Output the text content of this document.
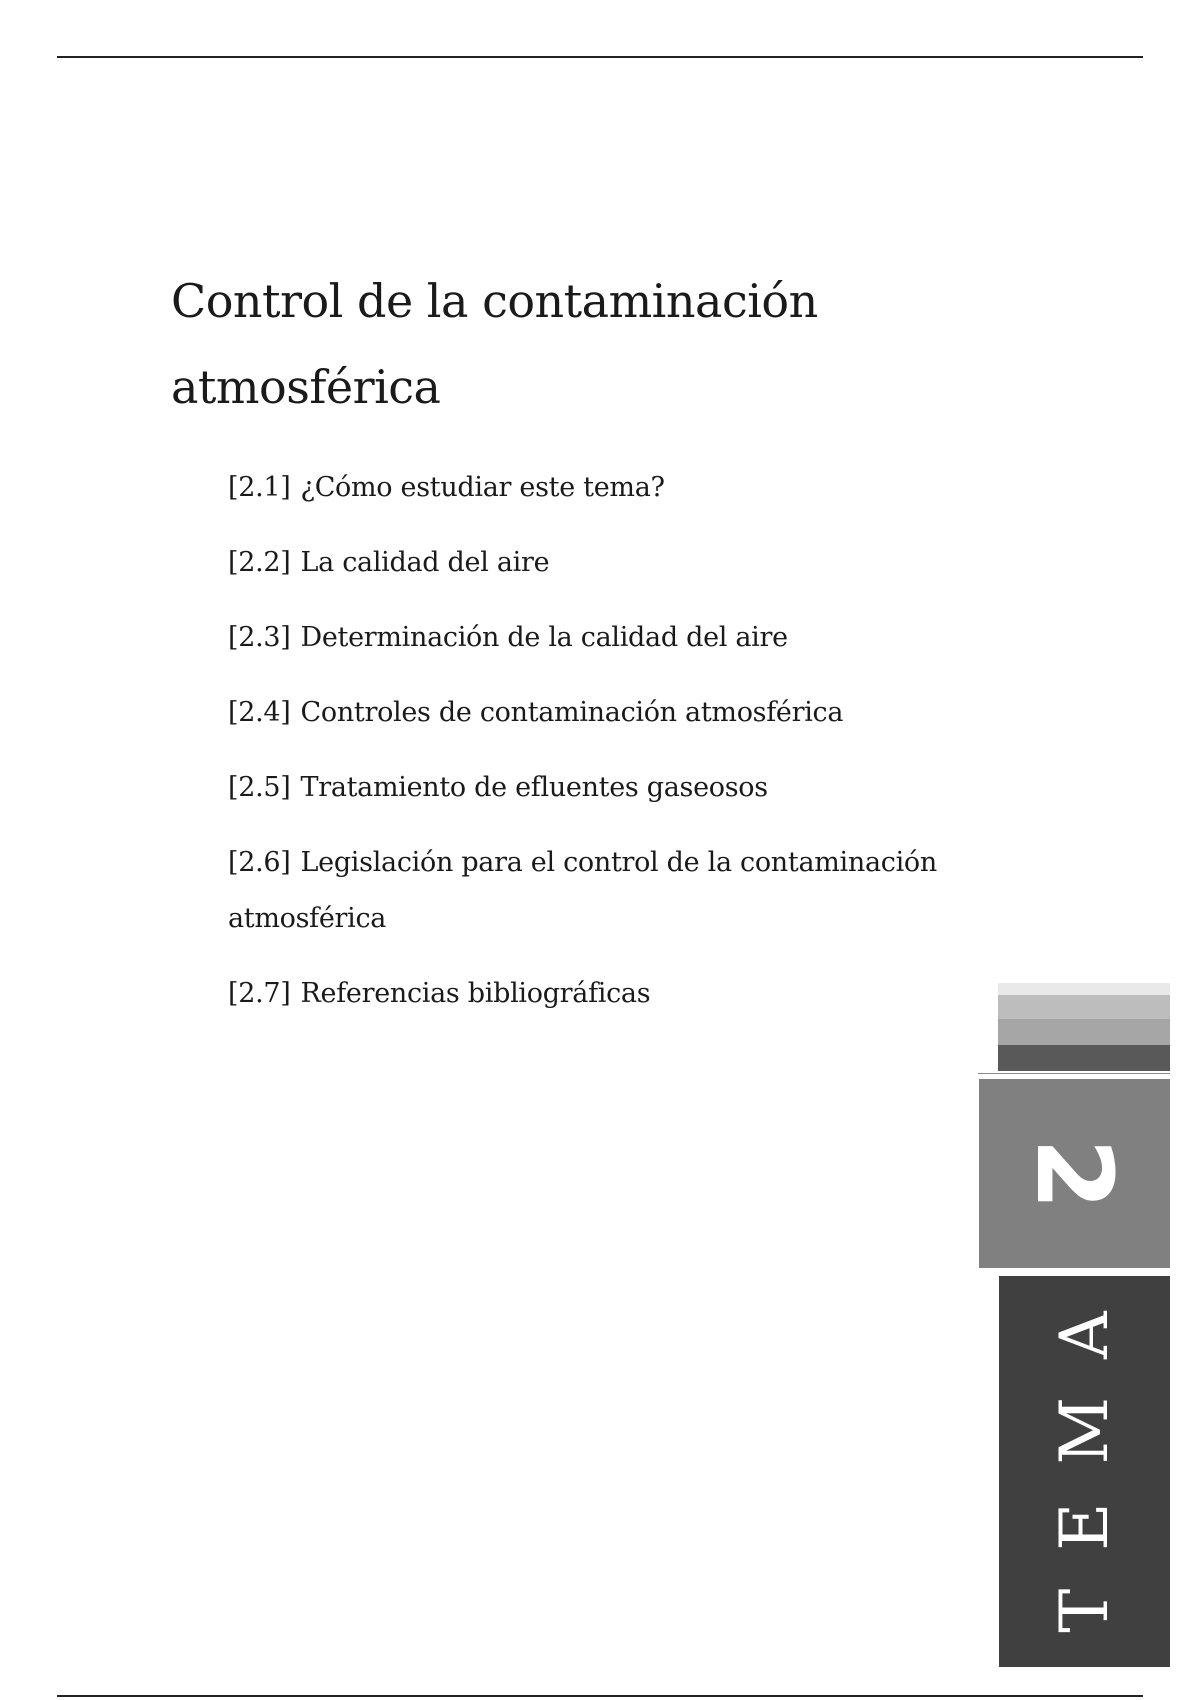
Control de la contaminación
atmosférica
[2.1] ¿Cómo estudiar este tema?
[2.2] La calidad del aire
[2.3] Determinación de la calidad del aire
[2.4] Controles de contaminación atmosférica
[2.5] Tratamiento de efluentes gaseosos
[2.6] Legislación para el control de la contaminación atmosférica
[2.7] Referencias bibliográficas
2
TEMA
